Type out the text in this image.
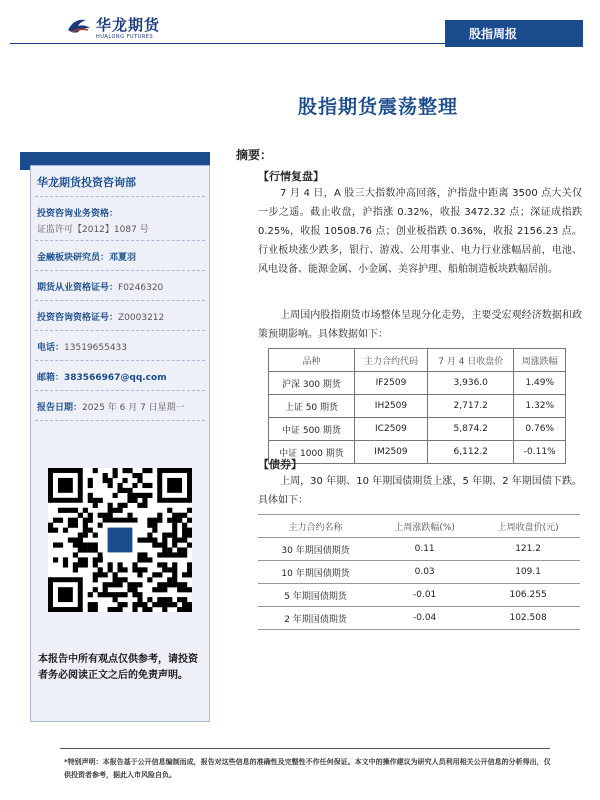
华龙期货
HUALONG FUTURES	股指周报
股指期货震荡整理
华龙期货投资咨询部
投资咨询业务资格：
证监许可【2012】1087 号
金融板块研究员：邓夏羽
期货从业资格证号：F0246320
投资咨询资格证号：Z0003212
电话：13519655433
邮箱：383566967@qq.com
报告日期：2025 年 6 月 7 日星期一
本报告中所有观点仅供参考，请投资者务必阅读正文之后的免责声明。
摘要：
【行情复盘】
7 月 4 日，A 股三大指数冲高回落，沪指盘中距离 3500 点大关仅一步之遥。截止收盘，沪指涨 0.32%，收报 3472.32 点；深证成指跌 0.25%，收报 10508.76 点；创业板指跌 0.36%，收报 2156.23 点。行业板块涨少跌多，银行、游戏、公用事业、电力行业涨幅居前，电池、风电设备、能源金属、小金属、美容护理、船舶制造板块跌幅居前。
上周国内股指期货市场整体呈现分化走势，主要受宏观经济数据和政策预期影响。具体数据如下：
品种	主力合约代码	7 月 4 日收盘价	周涨跌幅
沪深 300 期货	IF2509	3,936.0	1.49%
上证 50 期货	IH2509	2,717.2	1.32%
中证 500 期货	IC2509	5,874.2	0.76%
中证 1000 期货	IM2509	6,112.2	-0.11%
【债券】
上周，30 年期、10 年期国债期货上涨，5 年期、2 年期国债下跌。具体如下：
主力合约名称	上周涨跌幅(%)	上周收盘价(元)
30 年期国债期货	0.11	121.2
10 年期国债期货	0.03	109.1
5 年期国债期货	-0.01	106.255
2 年期国债期货	-0.04	102.508
*特别声明：本报告基于公开信息编制而成，报告对这些信息的准确性及完整性不作任何保证。本文中的操作建议为研究人员利用相关公开信息的分析得出，仅供投资者参考，据此入市风险自负。
